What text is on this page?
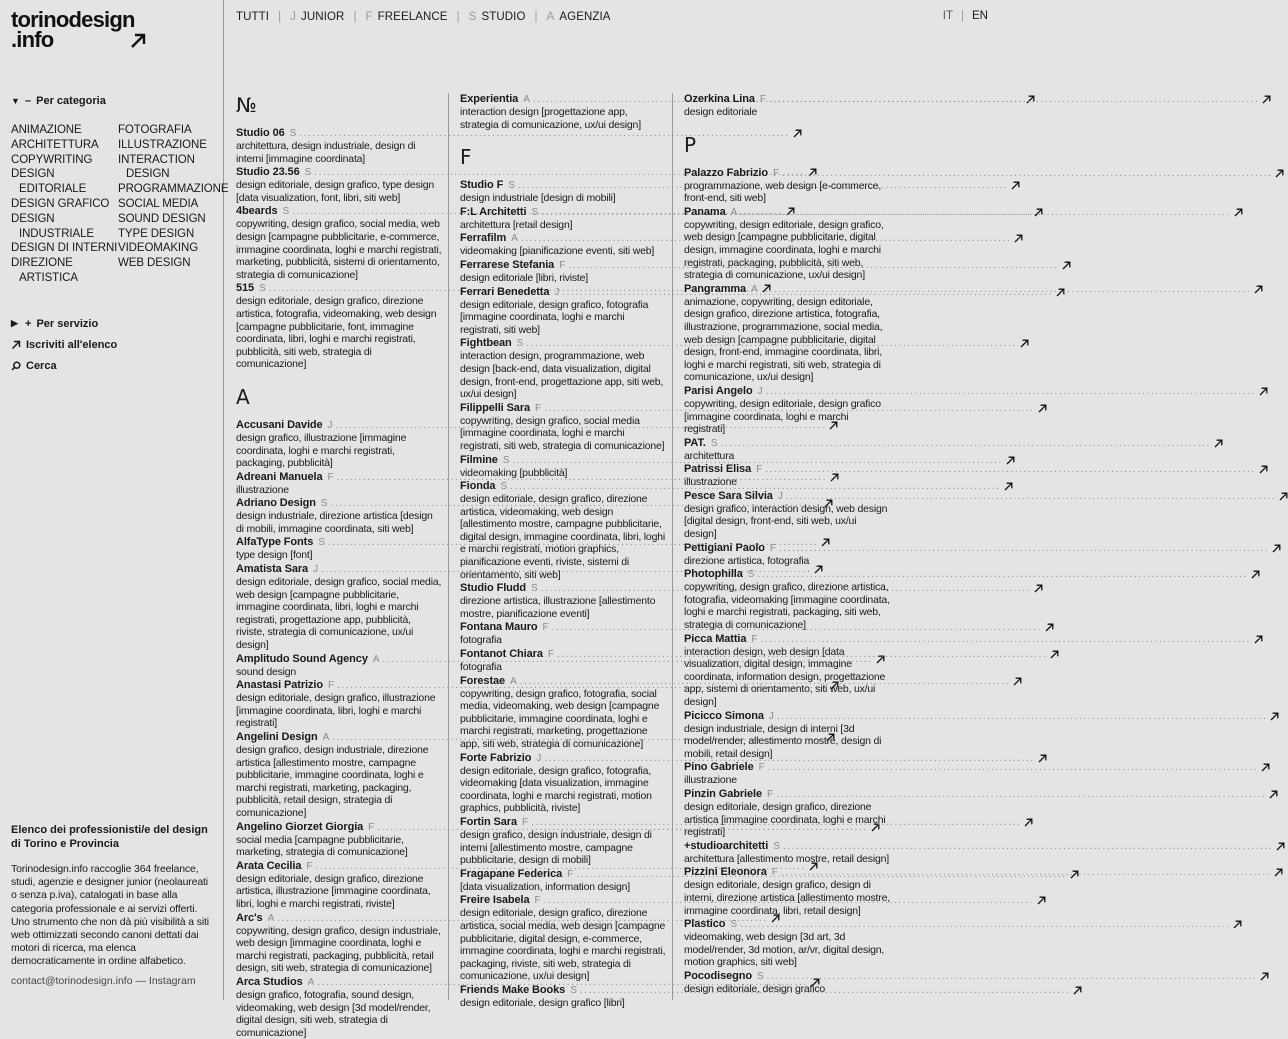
torinodesign
.info
▼ – Per categoria
ANIMAZIONE
ARCHITETTURA
COPYWRITING
DESIGN
EDITORIALE
DESIGN GRAFICO
DESIGN
INDUSTRIALE
DESIGN DI INTERNI
DIREZIONE
ARTISTICA
FOTOGRAFIA
ILLUSTRAZIONE
INTERACTION
DESIGN
PROGRAMMAZIONE
SOCIAL MEDIA
SOUND DESIGN
TYPE DESIGN
VIDEOMAKING
WEB DESIGN
▶ + Per servizio
Iscriviti all'elenco
Cerca
Elenco dei professionisti/e del design di Torino e Provincia
Torinodesign.info raccoglie 364 freelance, studi, agenzie e designer junior (neolaureati o senza p.iva), catalogati in base alla categoria professionale e ai servizi offerti. Uno strumento che non dà più visibilità a siti web ottimizzati secondo canoni dettati dai motori di ricerca, ma elenca democraticamente in ordine alfabetico.
contact@torinodesign.info — Instagram
TUTTI | J JUNIOR | F FREELANCE | S STUDIO | A AGENZIA	IT | EN
№
Studio 06 S
.....
architettura, design industriale, design di interni [immagine coordinata]
Studio 23.56 S
.....
design editoriale, design grafico, type design [data visualization, font, libri, siti web]
4beards S
.....
copywriting, design grafico, social media, web design [campagne pubblicitarie, e-commerce, immagine coordinata, loghi e marchi registrati, marketing, pubblicità, sistemi di orientamento, strategia di comunicazione]
515 S
.....
design editoriale, design grafico, direzione artistica, fotografia, videomaking, web design [campagne pubblicitarie, font, immagine coordinata, libri, loghi e marchi registrati, pubblicità, siti web, strategia di comunicazione]
A
Accusani Davide J
.....
design grafico, illustrazione [immagine coordinata, loghi e marchi registrati, packaging, pubblicità]
Adreani Manuela F
.....
illustrazione
Adriano Design S
.....
design industriale, direzione artistica [design di mobili, immagine coordinata, siti web]
AlfaType Fonts S
.....
type design [font]
Amatista Sara J
.....
design editoriale, design grafico, social media, web design [campagne pubblicitarie, immagine coordinata, libri, loghi e marchi registrati, progettazione app, pubblicità, riviste, strategia di comunicazione, ux/ui design]
Amplitudo Sound Agency A
.....
sound design
Anastasi Patrizio F
.....
design editoriale, design grafico, illustrazione [immagine coordinata, libri, loghi e marchi registrati]
Angelini Design A
.....
design grafico, design industriale, direzione artistica [allestimento mostre, campagne pubblicitarie, immagine coordinata, loghi e marchi registrati, marketing, packaging, pubblicità, retail design, strategia di comunicazione]
Angelino Giorzet Giorgia F
.....
social media [campagne pubblicitarie, marketing, strategia di comunicazione]
Arata Cecilia F
.....
design editoriale, design grafico, direzione artistica, illustrazione [immagine coordinata, libri, loghi e marchi registrati, riviste]
Arc's A
.....
copywriting, design grafico, design industriale, web design [immagine coordinata, loghi e marchi registrati, packaging, pubblicità, retail design, siti web, strategia di comunicazione]
Arca Studios A
.....
design grafico, fotografia, sound design, videomaking, web design [3d model/render, digital design, siti web, strategia di comunicazione]
Experientia A
.....
interaction design [progettazione app, strategia di comunicazione, ux/ui design]
F
Studio F S
.....
design industriale [design di mobili]
F:L Architetti S
.....
architettura [retail design]
Ferrafilm A
.....
videomaking [pianificazione eventi, siti web]
Ferrarese Stefania F
.....
design editoriale [libri, riviste]
Ferrari Benedetta J
.....
design editoriale, design grafico, fotografia [immagine coordinata, loghi e marchi registrati, siti web]
Fightbean S
.....
interaction design, programmazione, web design [back-end, data visualization, digital design, front-end, progettazione app, siti web, ux/ui design]
Filippelli Sara F
.....
copywriting, design grafico, social media [immagine coordinata, loghi e marchi registrati, siti web, strategia di comunicazione]
Filmine S
.....
videomaking [pubblicità]
Fionda S
.....
design editoriale, design grafico, direzione artistica, videomaking, web design [allestimento mostre, campagne pubblicitarie, digital design, immagine coordinata, libri, loghi e marchi registrati, motion graphics, pianificazione eventi, riviste, sistemi di orientamento, siti web]
Studio Fludd S
.....
direzione artistica, illustrazione [allestimento mostre, pianificazione eventi]
Fontana Mauro F
.....
fotografia
Fontanot Chiara F
.....
fotografia
Forestae A
.....
copywriting, design grafico, fotografia, social media, videomaking, web design [campagne pubblicitarie, immagine coordinata, loghi e marchi registrati, marketing, progettazione app, siti web, strategia di comunicazione]
Forte Fabrizio J
.....
design editoriale, design grafico, fotografia, videomaking [data visualization, immagine coordinata, loghi e marchi registrati, motion graphics, pubblicità, riviste]
Fortin Sara F
.....
design grafico, design industriale, design di interni [allestimento mostre, campagne pubblicitarie, design di mobili]
Fragapane Federica F
.....
[data visualization, information design]
Freire Isabela F
.....
design editoriale, design grafico, direzione artistica, social media, web design [campagne pubblicitarie, digital design, e-commerce, immagine coordinata, loghi e marchi registrati, packaging, riviste, siti web, strategia di comunicazione, ux/ui design]
Friends Make Books S
.....
design editoriale, design grafico [libri]
Ozerkina Lina F
.....
design editoriale
P
Palazzo Fabrizio F
.....
programmazione, web design [e-commerce, front-end, siti web]
Panama A
.....
copywriting, design editoriale, design grafico, web design [campagne pubblicitarie, digital design, immagine coordinata, loghi e marchi registrati, packaging, pubblicità, siti web, strategia di comunicazione, ux/ui design]
Pangramma A
.....
animazione, copywriting, design editoriale, design grafico, direzione artistica, fotografia, illustrazione, programmazione, social media, web design [campagne pubblicitarie, digital design, front-end, immagine coordinata, libri, loghi e marchi registrati, siti web, strategia di comunicazione, ux/ui design]
Parisi Angelo J
.....
copywriting, design editoriale, design grafico [immagine coordinata, loghi e marchi registrati]
PAT. S
.....
architettura
Patrissi Elisa F
.....
illustrazione
Pesce Sara Silvia J
.....
design grafico, interaction design, web design [digital design, front-end, siti web, ux/ui design]
Pettigiani Paolo F
.....
direzione artistica, fotografia
Photophilla S
.....
copywriting, design grafico, direzione artistica, fotografia, videomaking [immagine coordinata, loghi e marchi registrati, packaging, siti web, strategia di comunicazione]
Picca Mattia F
.....
interaction design, web design [data visualization, digital design, immagine coordinata, information design, progettazione app, sistemi di orientamento, siti web, ux/ui design]
Picicco Simona J
.....
design industriale, design di interni [3d model/render, allestimento mostre, design di mobili, retail design]
Pino Gabriele F
.....
illustrazione
Pinzin Gabriele F
.....
design editoriale, design grafico, direzione artistica [immagine coordinata, loghi e marchi registrati]
+studioarchitetti S
.....
architettura [allestimento mostre, retail design]
Pizzini Eleonora F
.....
design editoriale, design grafico, design di interni, direzione artistica [allestimento mostre, immagine coordinata, libri, retail design]
Plastico S
.....
videomaking, web design [3d art, 3d model/render, 3d motion, ar/vr, digital design, motion graphics, siti web]
Pocodisegno S
.....
design editoriale, design grafico
